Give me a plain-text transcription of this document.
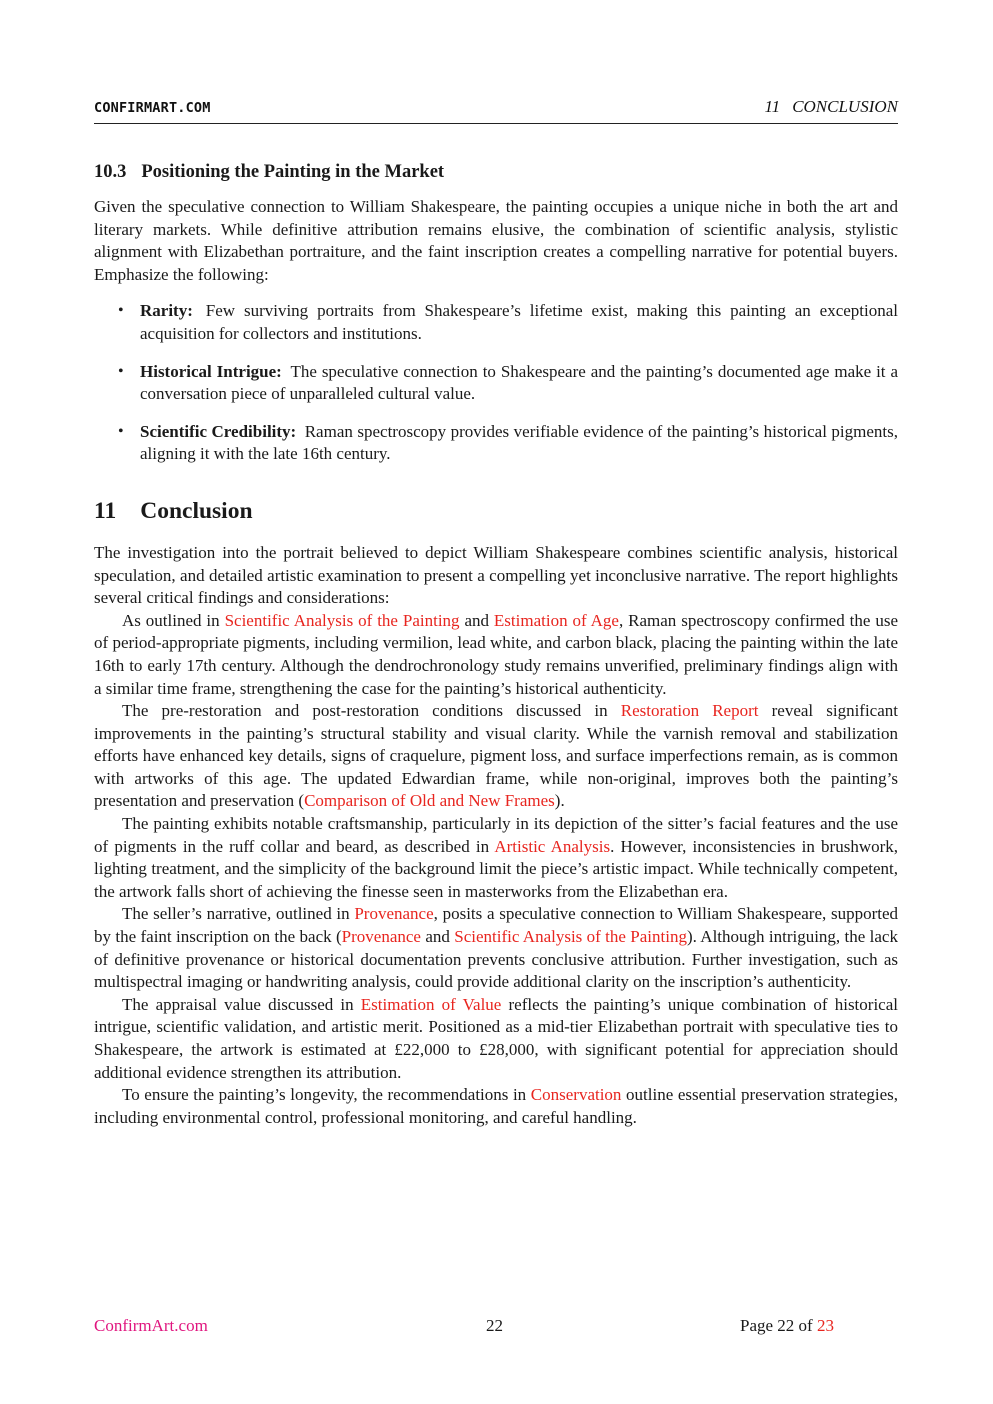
CONFIRMART.COM	11 CONCLUSION
10.3 Positioning the Painting in the Market

Given the speculative connection to William Shakespeare, the painting occupies a unique niche in both the art and literary markets. While definitive attribution remains elusive, the combination of scientific analysis, stylistic alignment with Elizabethan portraiture, and the faint inscription creates a compelling narrative for potential buyers. Emphasize the following:

• Rarity: Few surviving portraits from Shakespeare’s lifetime exist, making this painting an exceptional acquisition for collectors and institutions.
• Historical Intrigue: The speculative connection to Shakespeare and the painting’s documented age make it a conversation piece of unparalleled cultural value.
• Scientific Credibility: Raman spectroscopy provides verifiable evidence of the painting’s historical pigments, aligning it with the late 16th century.
11 Conclusion

The investigation into the portrait believed to depict William Shakespeare combines scientific analysis, historical speculation, and detailed artistic examination to present a compelling yet inconclusive narrative. The report highlights several critical findings and considerations:

As outlined in Scientific Analysis of the Painting and Estimation of Age, Raman spectroscopy confirmed the use of period-appropriate pigments, including vermilion, lead white, and carbon black, placing the painting within the late 16th to early 17th century. Although the dendrochronology study remains unverified, preliminary findings align with a similar time frame, strengthening the case for the painting’s historical authenticity.

The pre-restoration and post-restoration conditions discussed in Restoration Report reveal significant improvements in the painting’s structural stability and visual clarity. While the varnish removal and stabilization efforts have enhanced key details, signs of craquelure, pigment loss, and surface imperfections remain, as is common with artworks of this age. The updated Edwardian frame, while non-original, improves both the painting’s presentation and preservation (Comparison of Old and New Frames).

The painting exhibits notable craftsmanship, particularly in its depiction of the sitter’s facial features and the use of pigments in the ruff collar and beard, as described in Artistic Analysis. However, inconsistencies in brushwork, lighting treatment, and the simplicity of the background limit the piece’s artistic impact. While technically competent, the artwork falls short of achieving the finesse seen in masterworks from the Elizabethan era.

The seller’s narrative, outlined in Provenance, posits a speculative connection to William Shakespeare, supported by the faint inscription on the back (Provenance and Scientific Analysis of the Painting). Although intriguing, the lack of definitive provenance or historical documentation prevents conclusive attribution. Further investigation, such as multispectral imaging or handwriting analysis, could provide additional clarity on the inscription’s authenticity.

The appraisal value discussed in Estimation of Value reflects the painting’s unique combination of historical intrigue, scientific validation, and artistic merit. Positioned as a mid-tier Elizabethan portrait with speculative ties to Shakespeare, the artwork is estimated at £22,000 to £28,000, with significant potential for appreciation should additional evidence strengthen its attribution.

To ensure the painting’s longevity, the recommendations in Conservation outline essential preservation strategies, including environmental control, professional monitoring, and careful handling.

ConfirmArt.com	22	Page 22 of 23
